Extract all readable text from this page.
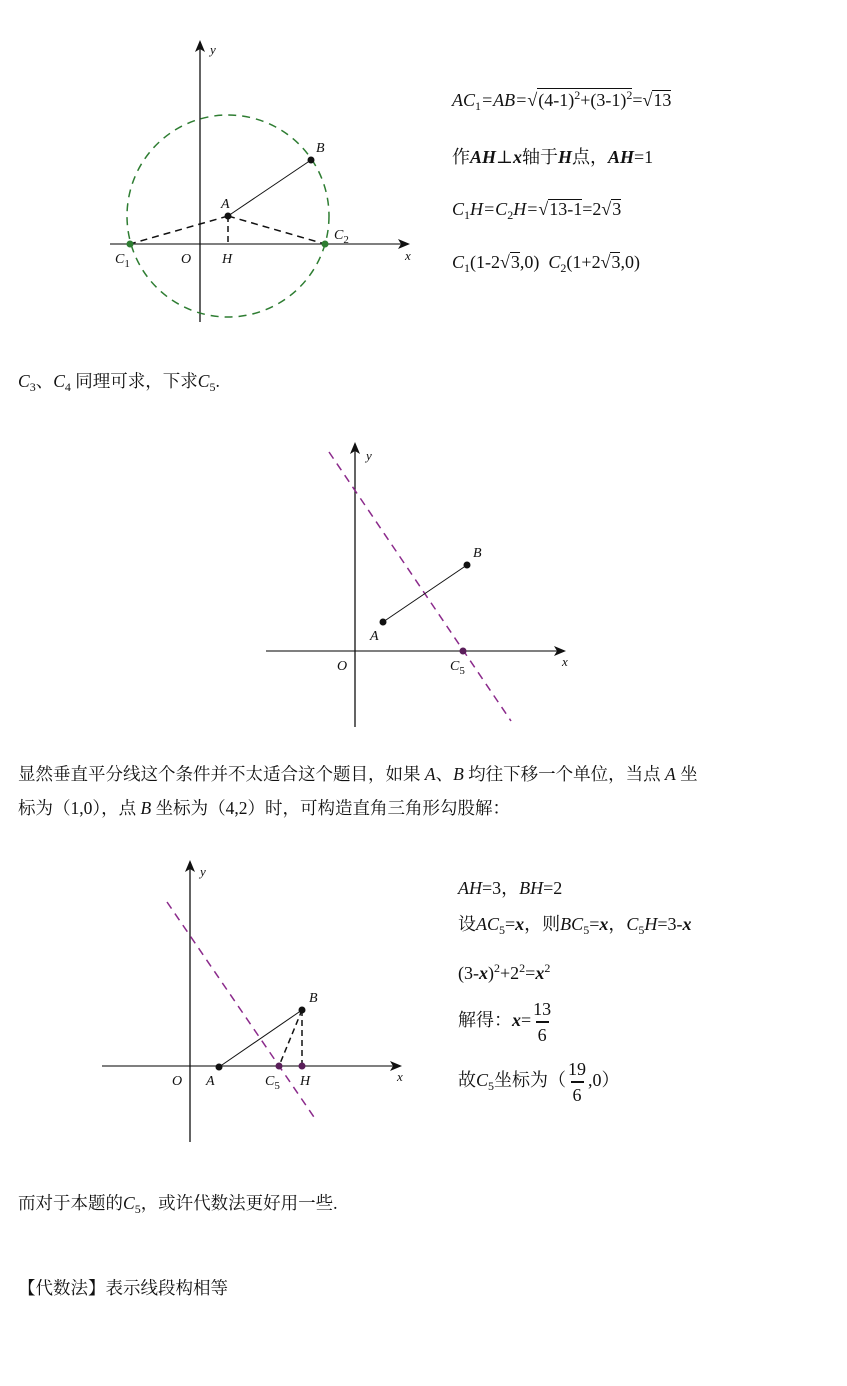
y
x
A
B
O H
$C_1$
$C_2$
$AC_1=AB=√(4-1)^2+(3-1)^2=√13$
作AH⊥x轴于H点，AH=1
$C_1H=C_2H=√13-1=2√3$
$C_1(1-2√3,0)$ $C_2(1+2√3,0)$
$C_3$、$C_4$ 同理可求，下求$C_5$.
y
x
A
B
O	$C_5$
显然垂直平分线这个条件并不太适合这个题目，如果 A、B 均往下移一个单位，当点 A 坐
标为（1,0），点 B 坐标为（4,2）时，可构造直角三角形勾股解：
y
x
A
B
O	$C_5$ H
AH=3，BH=2
设$AC_5=x$，则$BC_5=x$，$C_5H=3-x$
$(3-x)^2+2^2=x^2$
解得：$x= \frac{13}{6}$
故$C_5$坐标为（ $\frac{19}{6} ,0$）
而对于本题的$C_5$，或许代数法更好用一些.
【代数法】表示线段构相等
